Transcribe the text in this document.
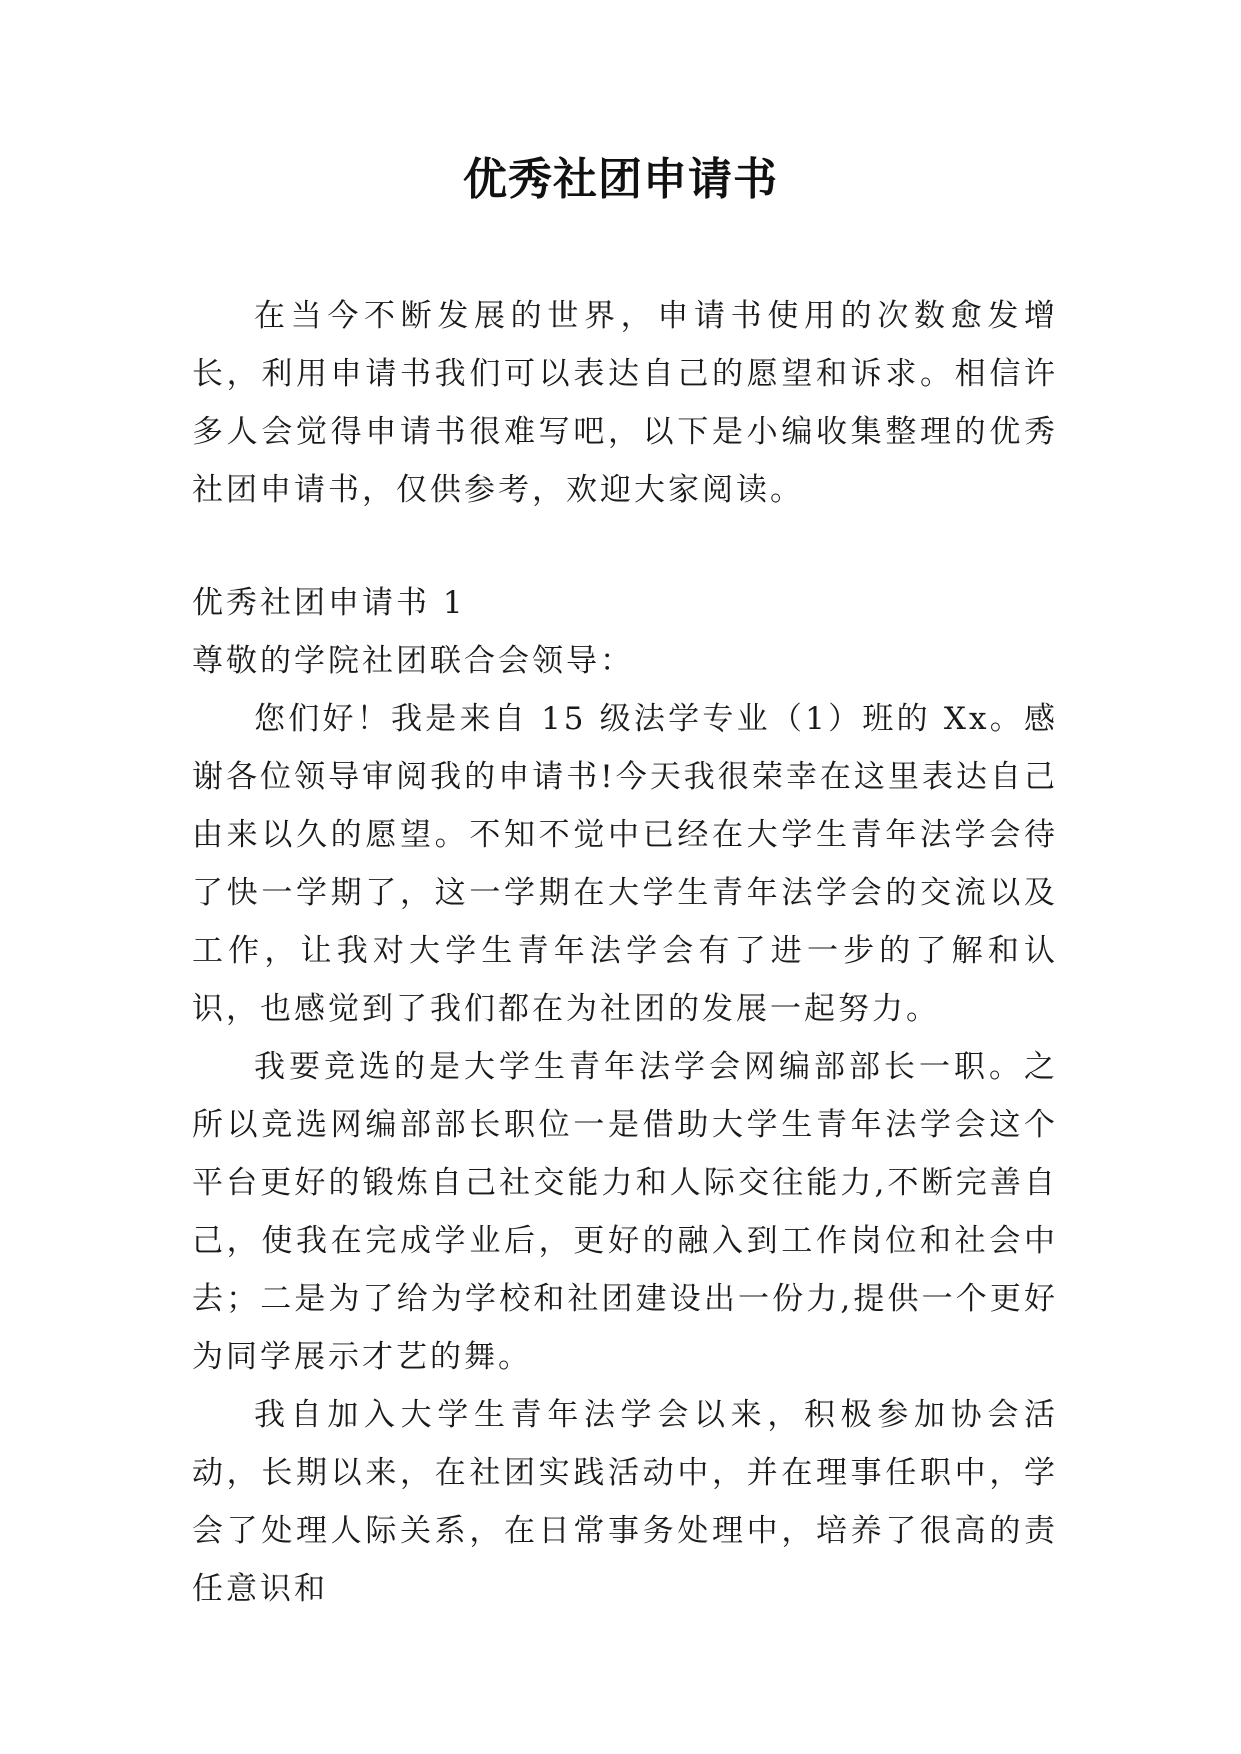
优秀社团申请书

在当今不断发展的世界，申请书使用的次数愈发增长，利用申请书我们可以表达自己的愿望和诉求。相信许多人会觉得申请书很难写吧，以下是小编收集整理的优秀社团申请书，仅供参考，欢迎大家阅读。

优秀社团申请书 1

尊敬的学院社团联合会领导：

您们好！我是来自 15 级法学专业（1）班的 Xx。感谢各位领导审阅我的申请书!今天我很荣幸在这里表达自己由来以久的愿望。不知不觉中已经在大学生青年法学会待了快一学期了，这一学期在大学生青年法学会的交流以及工作，让我对大学生青年法学会有了进一步的了解和认识，也感觉到了我们都在为社团的发展一起努力。

我要竞选的是大学生青年法学会网编部部长一职。之所以竞选网编部部长职位一是借助大学生青年法学会这个平台更好的锻炼自己社交能力和人际交往能力,不断完善自己，使我在完成学业后，更好的融入到工作岗位和社会中去；二是为了给为学校和社团建设出一份力,提供一个更好为同学展示才艺的舞。

我自加入大学生青年法学会以来，积极参加协会活动，长期以来，在社团实践活动中，并在理事任职中，学会了处理人际关系，在日常事务处理中，培养了很高的责任意识和
